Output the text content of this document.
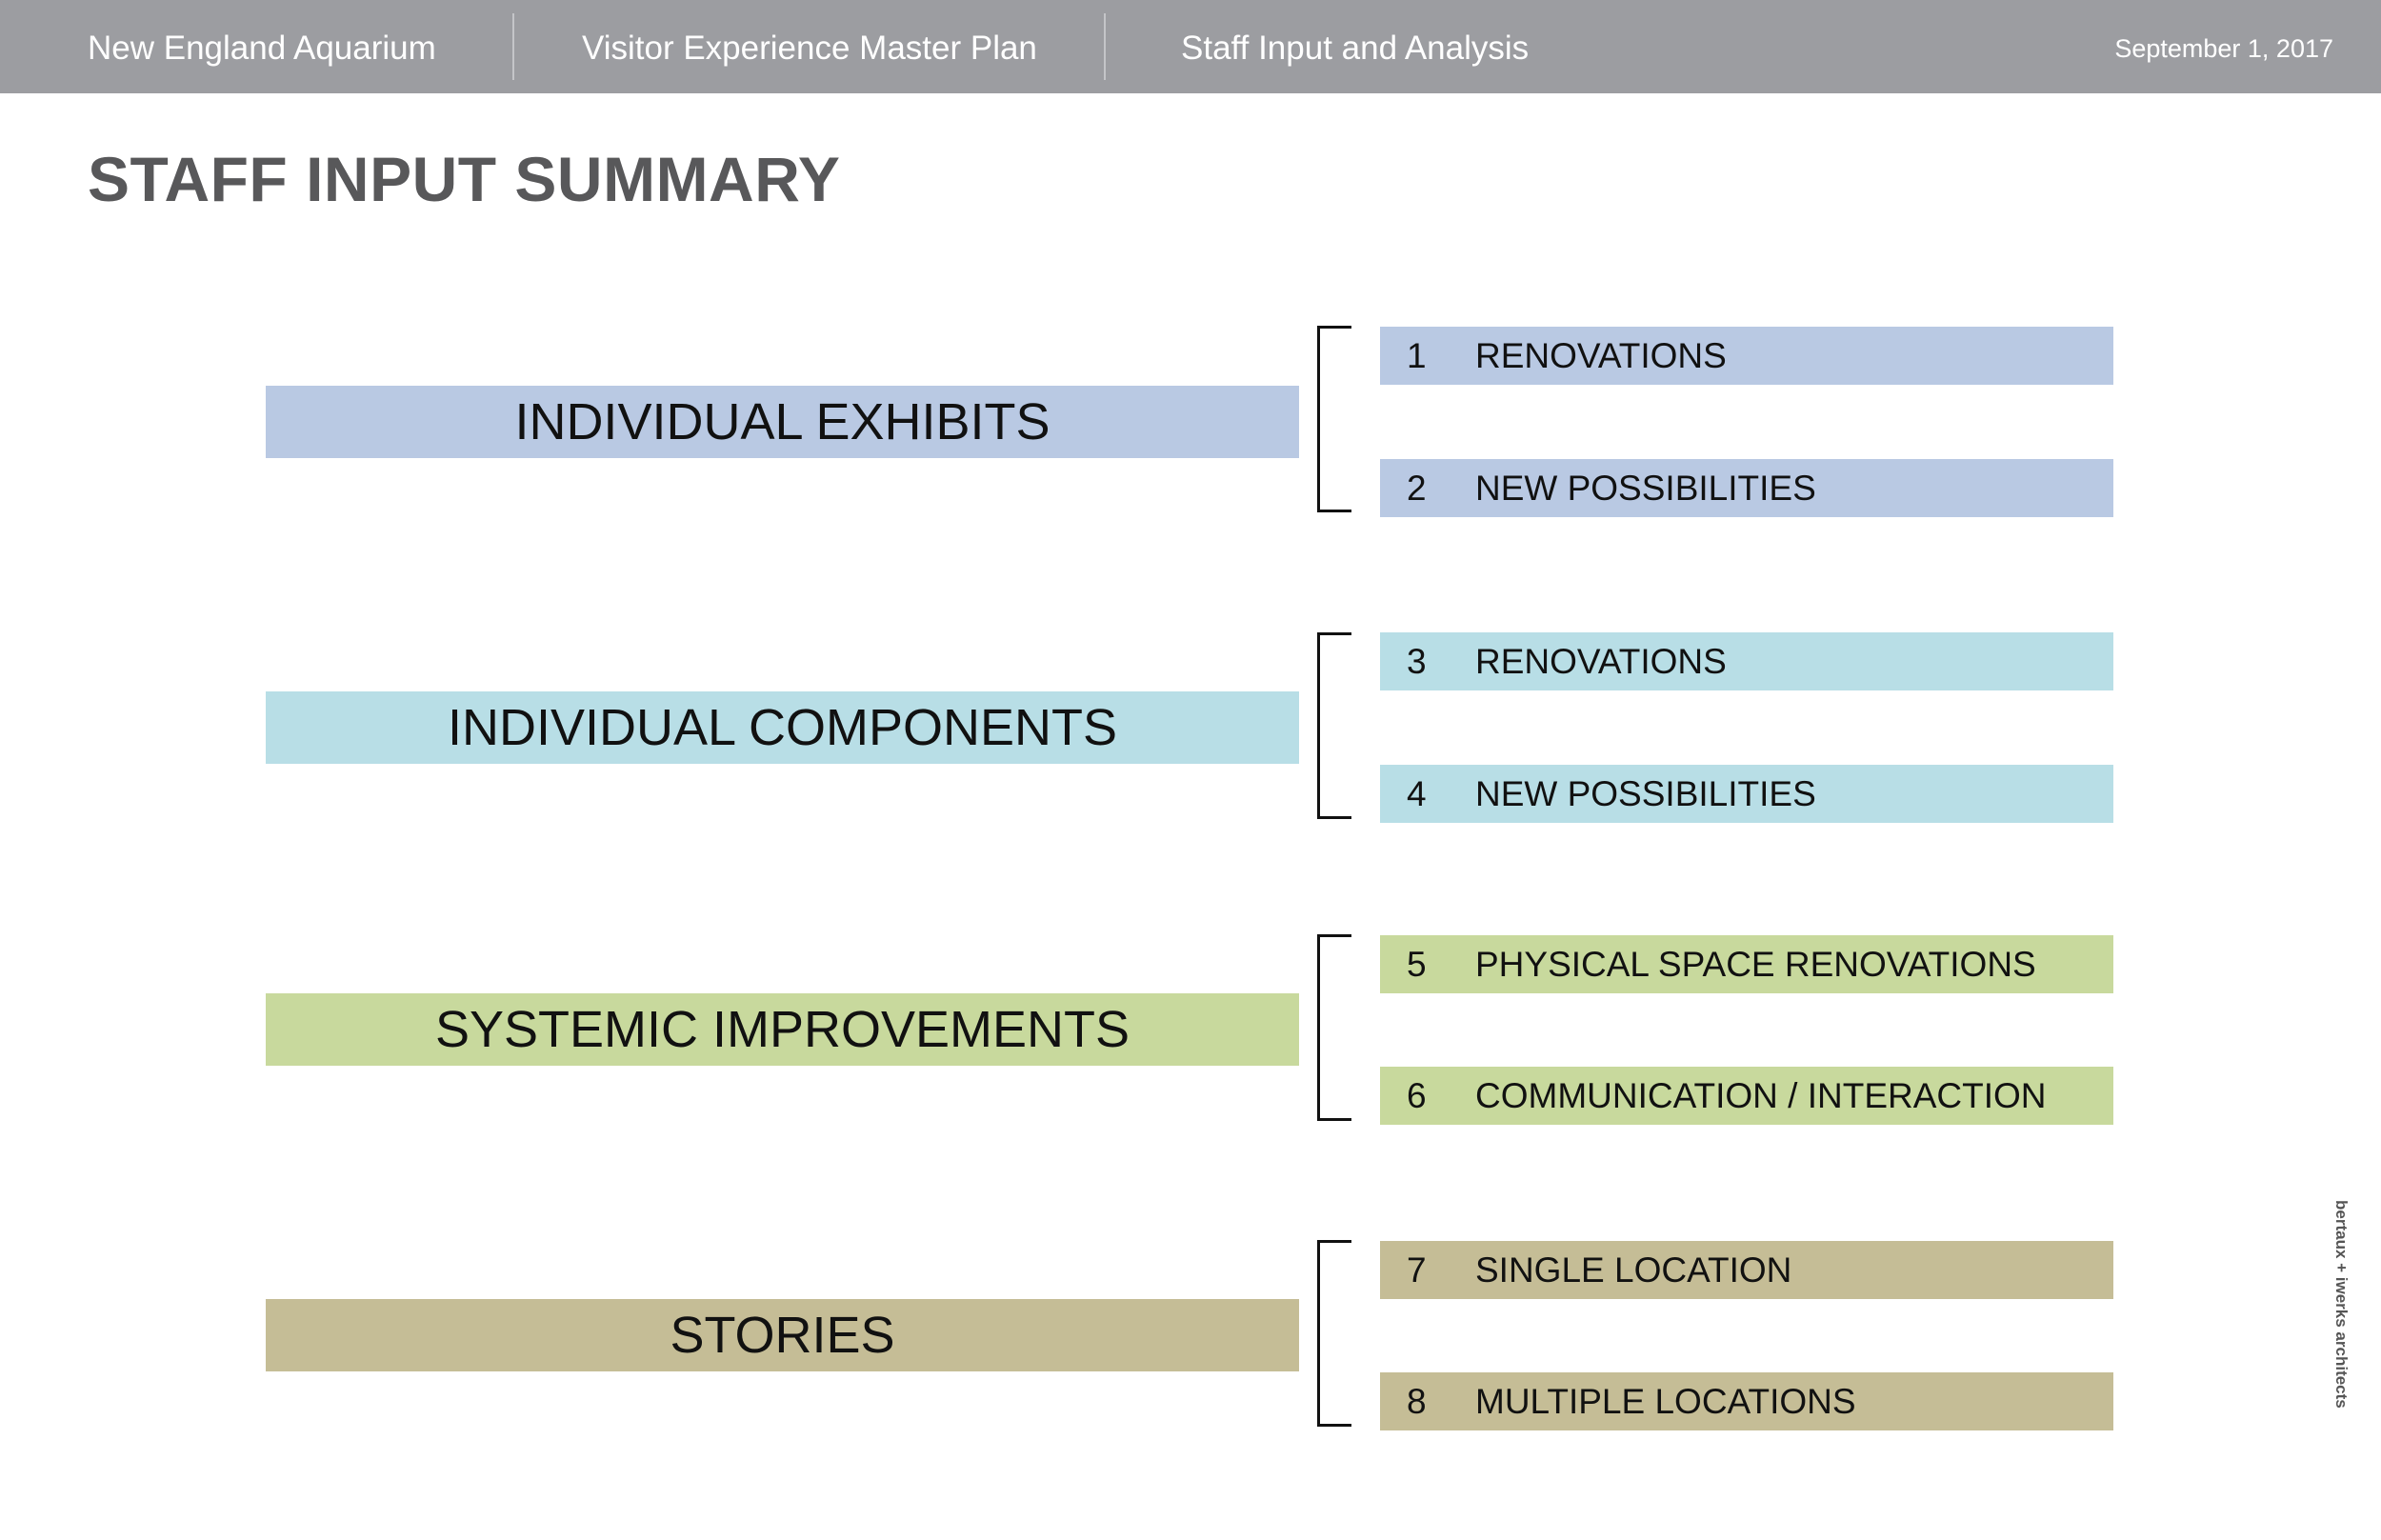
New England Aquarium	Visitor Experience Master Plan	Staff Input and Analysis	September 1, 2017
STAFF INPUT SUMMARY
INDIVIDUAL EXHIBITS
1	RENOVATIONS
2	NEW POSSIBILITIES
INDIVIDUAL COMPONENTS
3	RENOVATIONS
4	NEW POSSIBILITIES
SYSTEMIC IMPROVEMENTS
5	PHYSICAL SPACE RENOVATIONS
6	COMMUNICATION / INTERACTION
STORIES
7	SINGLE LOCATION
8	MULTIPLE LOCATIONS	bertaux + iwerks architects
